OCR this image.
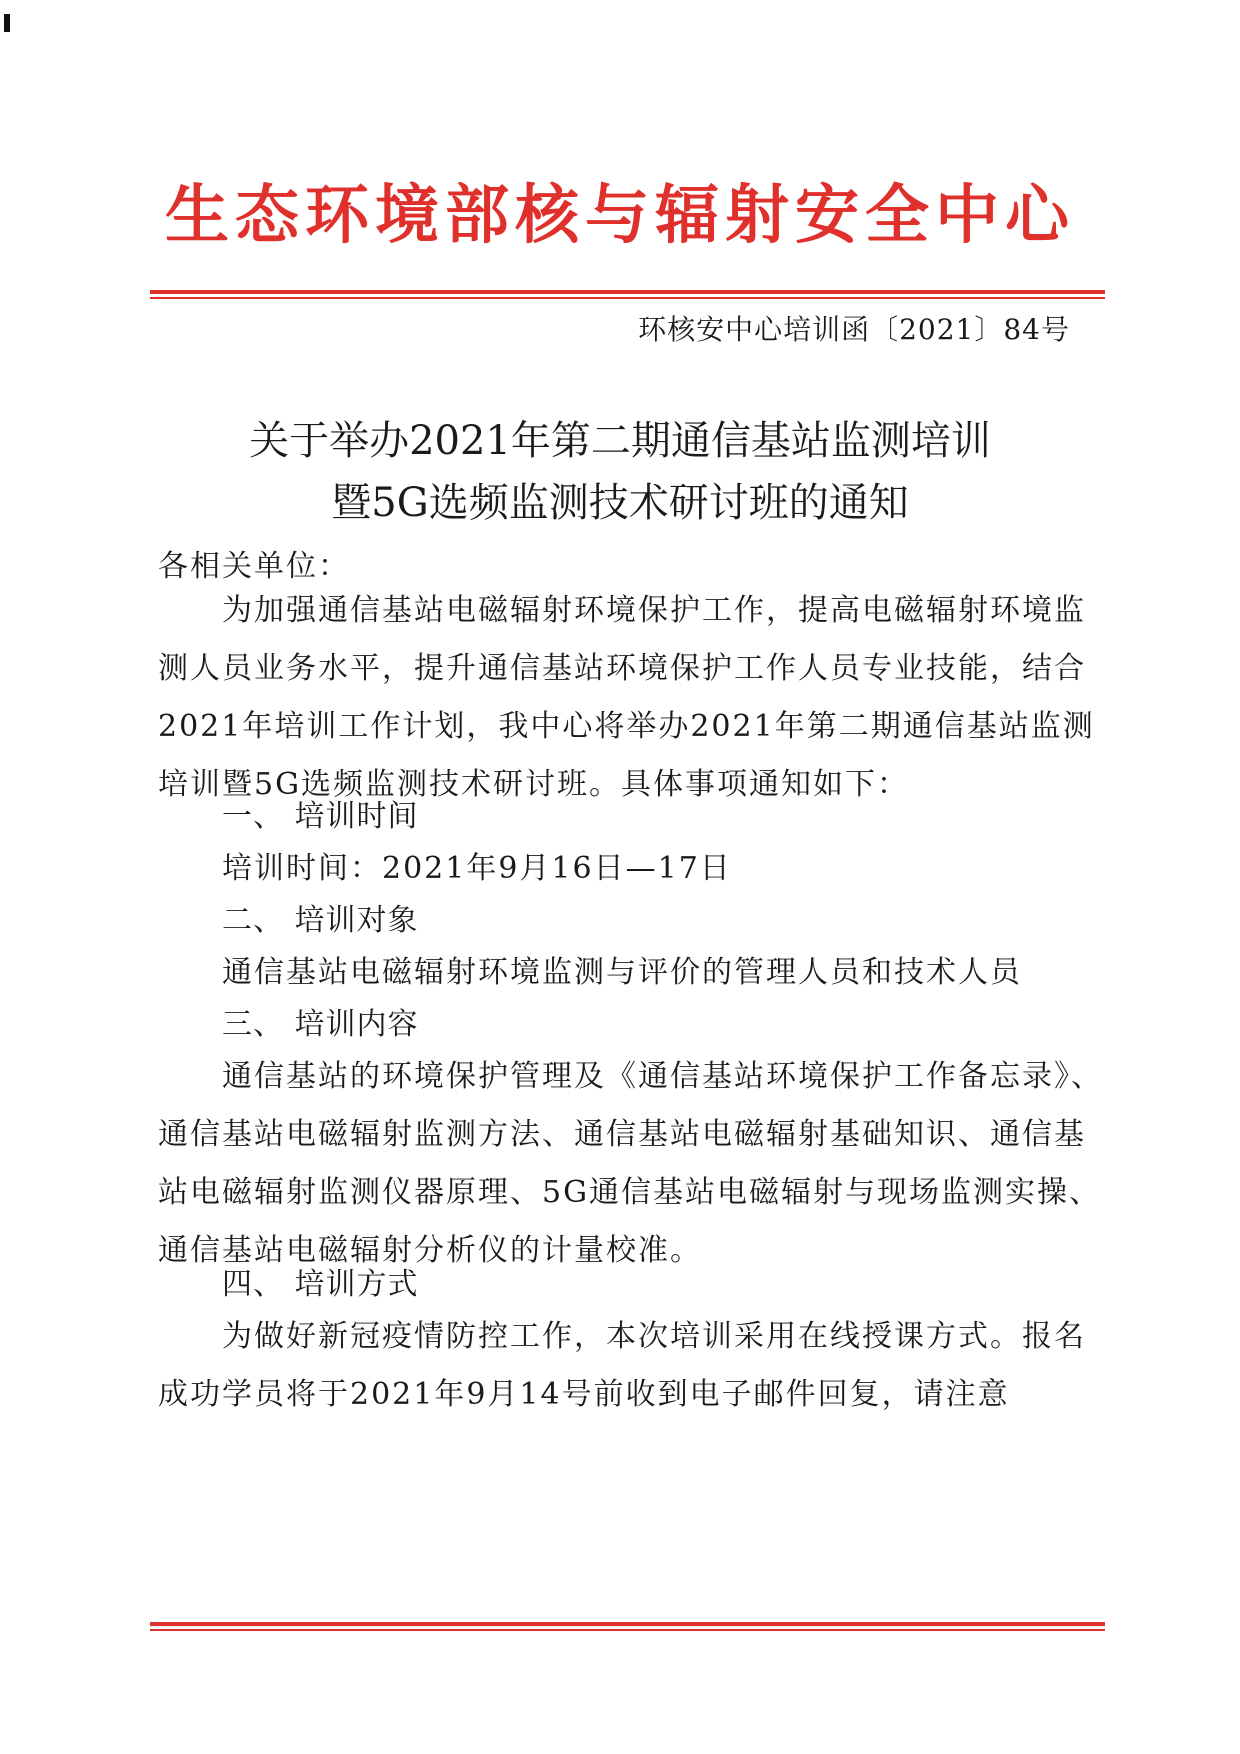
生态环境部核与辐射安全中心
环核安中心培训函〔2021〕84号
关于举办2021年第二期通信基站监测培训
暨5G选频监测技术研讨班的通知

各相关单位：

为加强通信基站电磁辐射环境保护工作，提高电磁辐射环境监测人员业务水平，提升通信基站环境保护工作人员专业技能，结合2021年培训工作计划，我中心将举办2021年第二期通信基站监测培训暨5G选频监测技术研讨班。具体事项通知如下：

一、 培训时间

培训时间：2021年9月16日—17日

二、 培训对象

通信基站电磁辐射环境监测与评价的管理人员和技术人员

三、 培训内容

通信基站的环境保护管理及《通信基站环境保护工作备忘录》、通信基站电磁辐射监测方法、通信基站电磁辐射基础知识、通信基站电磁辐射监测仪器原理、5G通信基站电磁辐射与现场监测实操、通信基站电磁辐射分析仪的计量校准。

四、 培训方式

为做好新冠疫情防控工作，本次培训采用在线授课方式。报名成功学员将于2021年9月14号前收到电子邮件回复，请注意
